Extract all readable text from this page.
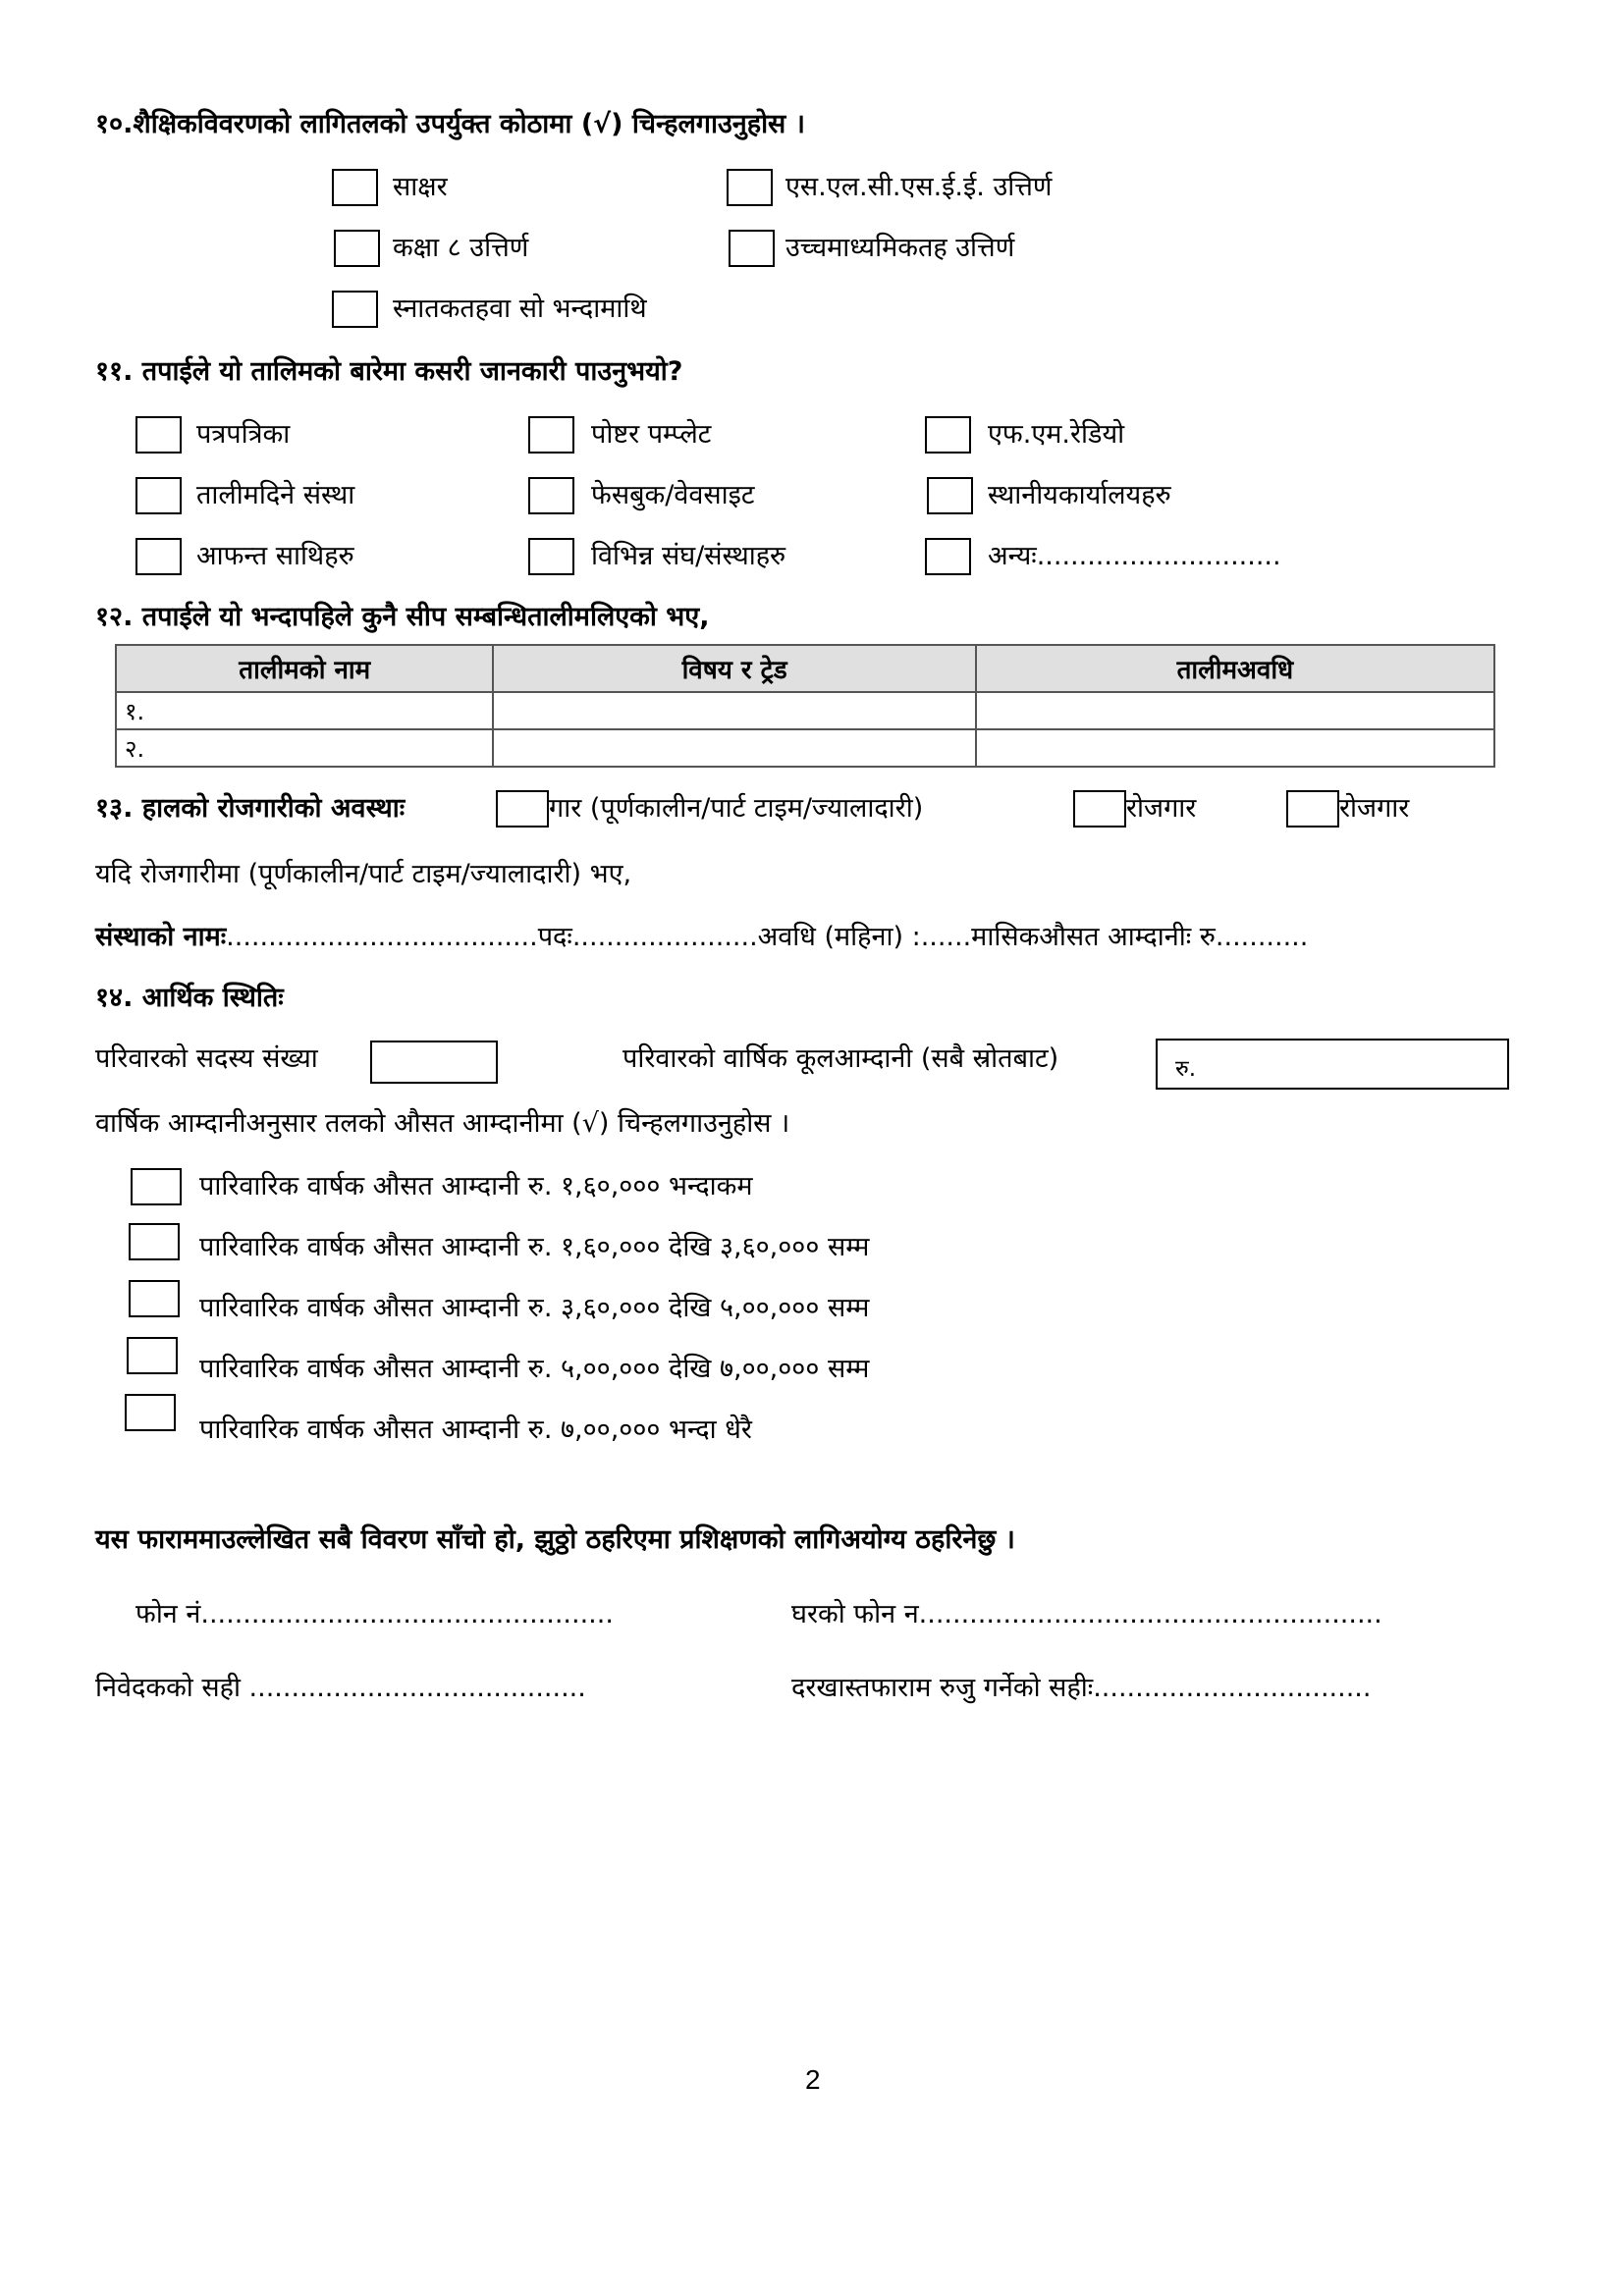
१०.शैक्षिकविवरणको लागितलको उपर्युक्त कोठामा (√) चिन्हलगाउनुहोस ।
साक्षर	एस.एल.सी.एस.ई.ई. उत्तिर्ण
कक्षा ८ उत्तिर्ण	उच्चमाध्यमिकतह उत्तिर्ण
स्नातकतहवा सो भन्दामाथि
११. तपाईले यो तालिमको बारेमा कसरी जानकारी पाउनुभयो?
पत्रपत्रिका	पोष्टर पम्प्लेट	एफ.एम.रेडियो
तालीमदिने संस्था	फेसबुक/वेवसाइट	स्थानीयकार्यालयहरु
आफन्त साथिहरु	विभिन्न संघ/संस्थाहरु	अन्यः.............................
१२. तपाईले यो भन्दापहिले कुनै सीप सम्बन्धितालीमलिएको भए,
तालीमको नाम	विषय र ट्रेड	तालीमअवधि
१.		
२.		
१३. हालको रोजगारीको अवस्थाः	गार (पूर्णकालीन/पार्ट टाइम/ज्यालादारी)	रोजगार	रोजगार
यदि रोजगारीमा (पूर्णकालीन/पार्ट टाइम/ज्यालादारी) भए,
संस्थाको नामः.....................................पदः......................अवधि (महिना) :......मासिकऔसत आम्दानीः रु...........
१४. आर्थिक स्थितिः
परिवारको सदस्य संख्या	परिवारको वार्षिक कूलआम्दानी (सबै स्रोतबाट)	रु.
वार्षिक आम्दानीअनुसार तलको औसत आम्दानीमा (√) चिन्हलगाउनुहोस ।
पारिवारिक वार्षक औसत आम्दानी रु. १,६०,००० भन्दाकम
पारिवारिक वार्षक औसत आम्दानी रु. १,६०,००० देखि ३,६०,००० सम्म
पारिवारिक वार्षक औसत आम्दानी रु. ३,६०,००० देखि ५,००,००० सम्म
पारिवारिक वार्षक औसत आम्दानी रु. ५,००,००० देखि ७,००,००० सम्म
पारिवारिक वार्षक औसत आम्दानी रु. ७,००,००० भन्दा धेरै
यस फाराममाउल्लेखित सबै विवरण साँचो हो, झुठ्ठो ठहरिएमा प्रशिक्षणको लागिअयोग्य ठहरिनेछु ।
फोन नं.................................................	घरको फोन न.......................................................
निवेदकको सही ........................................	दरखास्तफाराम रुजु गर्नेको सहीः.................................
2
